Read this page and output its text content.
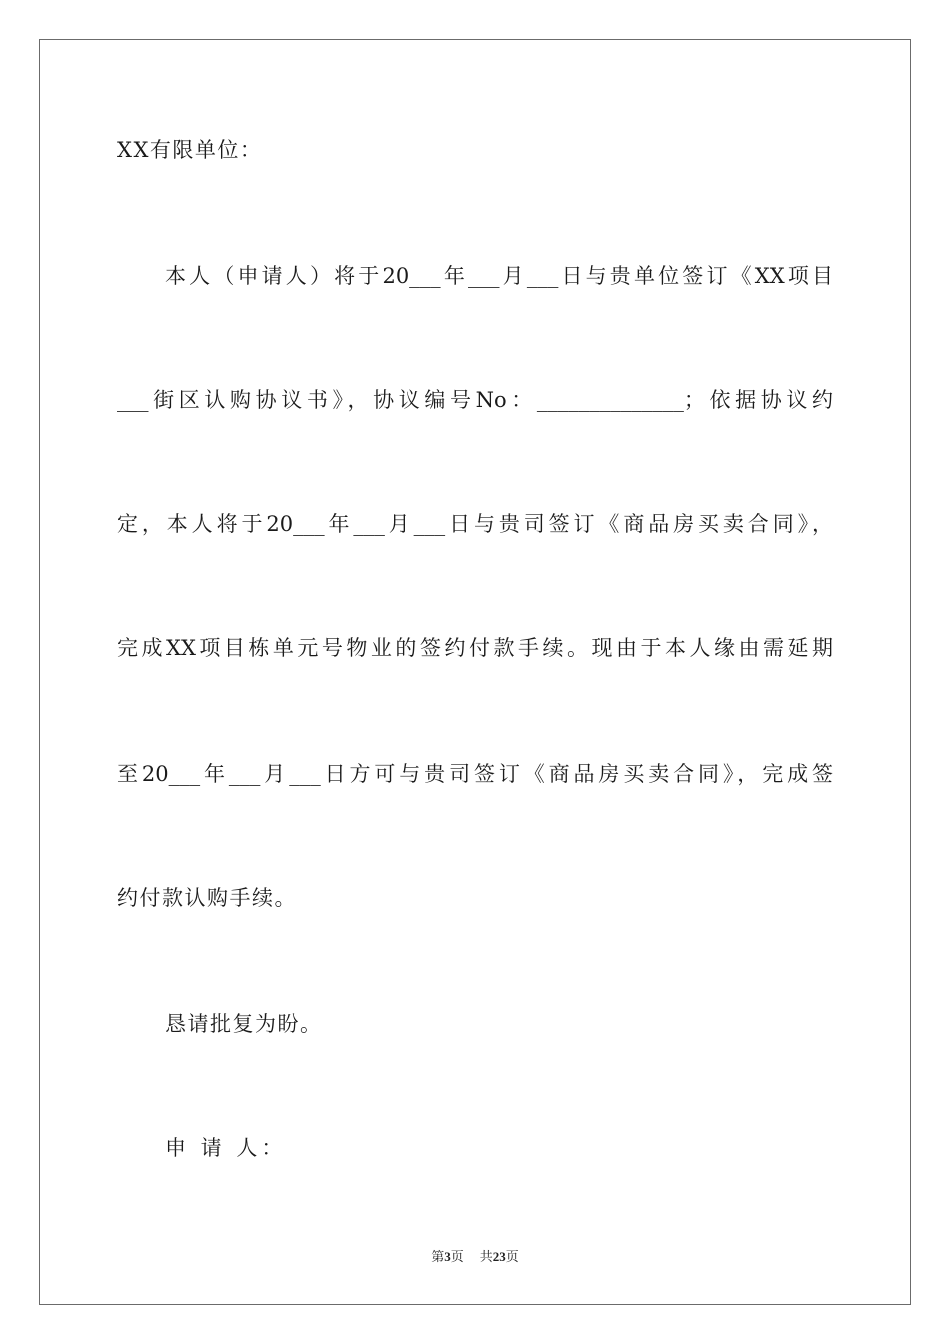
XX有限单位：
本人（申请人）将于20___年___月___日与贵单位签订《XX项目
___街区认购协议书》，协议编号No：______________；依据协议约
定，本人将于20___年___月___日与贵司签订《商品房买卖合同》，
完成XX项目栋单元号物业的签约付款手续。现由于本人缘由需延期
至20___年___月___日方可与贵司签订《商品房买卖合同》，完成签
约付款认购手续。
恳请批复为盼。
申 请 人：
第3页 共23页
